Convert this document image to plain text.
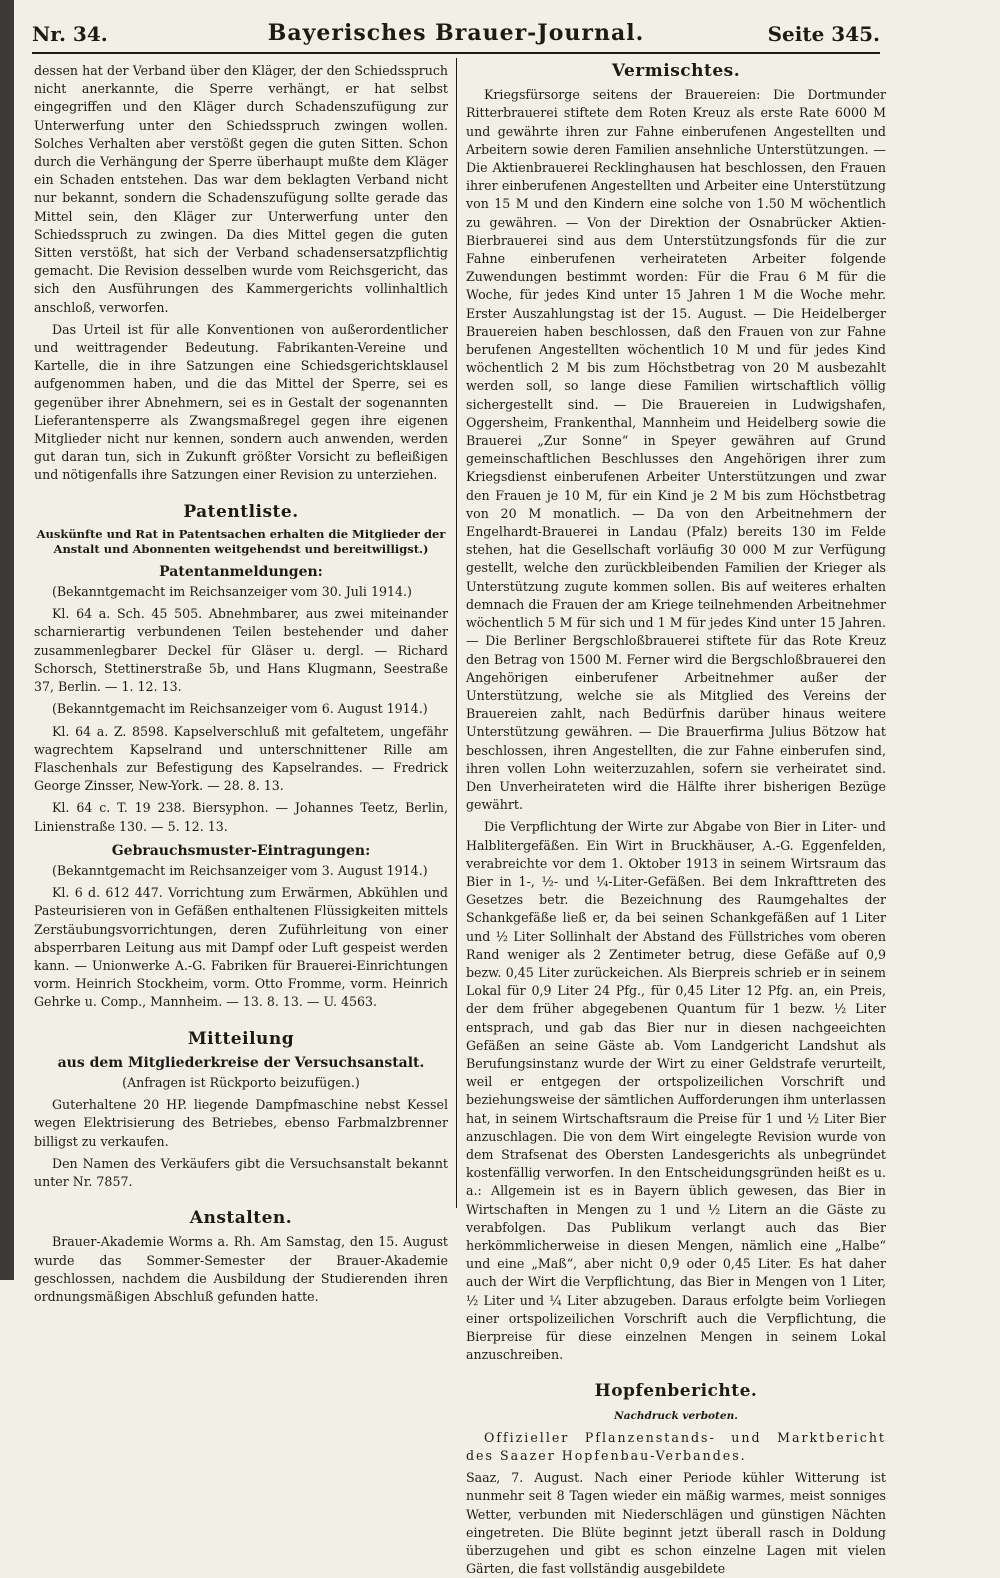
Nr. 34.	Bayerisches Brauer-Journal.	Seite 345.

dessen hat der Verband über den Kläger, der den Schiedsspruch nicht anerkannte, die Sperre verhängt, er hat selbst eingegriffen und den Kläger durch Schadenszufügung zur Unterwerfung unter den Schiedsspruch zwingen wollen. Solches Verhalten aber verstößt gegen die guten Sitten. Schon durch die Verhängung der Sperre überhaupt mußte dem Kläger ein Schaden entstehen. Das war dem beklagten Verband nicht nur bekannt, sondern die Schadenszufügung sollte gerade das Mittel sein, den Kläger zur Unterwerfung unter den Schiedsspruch zu zwingen. Da dies Mittel gegen die guten Sitten verstößt, hat sich der Verband schadensersatzpflichtig gemacht. Die Revision desselben wurde vom Reichsgericht, das sich den Ausführungen des Kammergerichts vollinhaltlich anschloß, verworfen.

Das Urteil ist für alle Konventionen von außerordentlicher und weittragender Bedeutung. Fabrikanten-Vereine und Kartelle, die in ihre Satzungen eine Schiedsgerichtsklausel aufgenommen haben, und die das Mittel der Sperre, sei es gegenüber ihrer Abnehmern, sei es in Gestalt der sogenannten Lieferantensperre als Zwangsmaßregel gegen ihre eigenen Mitglieder nicht nur kennen, sondern auch anwenden, werden gut daran tun, sich in Zukunft größter Vorsicht zu befleißigen und nötigenfalls ihre Satzungen einer Revision zu unterziehen.

Patentliste.
Auskünfte und Rat in Patentsachen erhalten die Mitglieder der Anstalt und Abonnenten weitgehendst und bereitwilligst.)
Patentanmeldungen:

(Bekanntgemacht im Reichsanzeiger vom 30. Juli 1914.)

Kl. 64 a. Sch. 45 505. Abnehmbarer, aus zwei miteinander scharnierartig verbundenen Teilen bestehender und daher zusammenlegbarer Deckel für Gläser u. dergl. — Richard Schorsch, Stettinerstraße 5b, und Hans Klugmann, Seestraße 37, Berlin. — 1. 12. 13.

(Bekanntgemacht im Reichsanzeiger vom 6. August 1914.)

Kl. 64 a. Z. 8598. Kapselverschluß mit gefaltetem, ungefähr wagrechtem Kapselrand und unterschnittener Rille am Flaschenhals zur Befestigung des Kapselrandes. — Fredrick George Zinsser, New-York. — 28. 8. 13.

Kl. 64 c. T. 19 238. Biersyphon. — Johannes Teetz, Berlin, Linienstraße 130. — 5. 12. 13.

Gebrauchsmuster-Eintragungen:

(Bekanntgemacht im Reichsanzeiger vom 3. August 1914.)

Kl. 6 d. 612 447. Vorrichtung zum Erwärmen, Abkühlen und Pasteurisieren von in Gefäßen enthaltenen Flüssigkeiten mittels Zerstäubungsvorrichtungen, deren Zuführleitung von einer absperrbaren Leitung aus mit Dampf oder Luft gespeist werden kann. — Unionwerke A.-G. Fabriken für Brauerei-Einrichtungen vorm. Heinrich Stockheim, vorm. Otto Fromme, vorm. Heinrich Gehrke u. Comp., Mannheim. — 13. 8. 13. — U. 4563.

Mitteilung
aus dem Mitgliederkreise der Versuchsanstalt.

(Anfragen ist Rückporto beizufügen.)

Guterhaltene 20 HP. liegende Dampfmaschine nebst Kessel wegen Elektrisierung des Betriebes, ebenso Farbmalzbrenner billigst zu verkaufen.

Den Namen des Verkäufers gibt die Versuchsanstalt bekannt unter Nr. 7857.

Anstalten.

Brauer-Akademie Worms a. Rh. Am Samstag, den 15. August wurde das Sommer-Semester der Brauer-Akademie geschlossen, nachdem die Ausbildung der Studierenden ihren ordnungsmäßigen Abschluß gefunden hatte.

Vermischtes.

Kriegsfürsorge seitens der Brauereien: Die Dortmunder Ritterbrauerei stiftete dem Roten Kreuz als erste Rate 6000 M und gewährte ihren zur Fahne einberufenen Angestellten und Arbeitern sowie deren Familien ansehnliche Unterstützungen. — Die Aktienbrauerei Recklinghausen hat beschlossen, den Frauen ihrer einberufenen Angestellten und Arbeiter eine Unterstützung von 15 M und den Kindern eine solche von 1.50 M wöchentlich zu gewähren. — Von der Direktion der Osnabrücker Aktien-Bierbrauerei sind aus dem Unterstützungsfonds für die zur Fahne einberufenen verheirateten Arbeiter folgende Zuwendungen bestimmt worden: Für die Frau 6 M für die Woche, für jedes Kind unter 15 Jahren 1 M die Woche mehr. Erster Auszahlungstag ist der 15. August. — Die Heidelberger Brauereien haben beschlossen, daß den Frauen von zur Fahne berufenen Angestellten wöchentlich 10 M und für jedes Kind wöchentlich 2 M bis zum Höchstbetrag von 20 M ausbezahlt werden soll, so lange diese Familien wirtschaftlich völlig sichergestellt sind. — Die Brauereien in Ludwigshafen, Oggersheim, Frankenthal, Mannheim und Heidelberg sowie die Brauerei „Zur Sonne“ in Speyer gewähren auf Grund gemeinschaftlichen Beschlusses den Angehörigen ihrer zum Kriegsdienst einberufenen Arbeiter Unterstützungen und zwar den Frauen je 10 M, für ein Kind je 2 M bis zum Höchstbetrag von 20 M monatlich. — Da von den Arbeitnehmern der Engelhardt-Brauerei in Landau (Pfalz) bereits 130 im Felde stehen, hat die Gesellschaft vorläufig 30 000 M zur Verfügung gestellt, welche den zurückbleibenden Familien der Krieger als Unterstützung zugute kommen sollen. Bis auf weiteres erhalten demnach die Frauen der am Kriege teilnehmenden Arbeitnehmer wöchentlich 5 M für sich und 1 M für jedes Kind unter 15 Jahren. — Die Berliner Bergschloßbrauerei stiftete für das Rote Kreuz den Betrag von 1500 M. Ferner wird die Bergschloßbrauerei den Angehörigen einberufener Arbeitnehmer außer der Unterstützung, welche sie als Mitglied des Vereins der Brauereien zahlt, nach Bedürfnis darüber hinaus weitere Unterstützung gewähren. — Die Brauerfirma Julius Bötzow hat beschlossen, ihren Angestellten, die zur Fahne einberufen sind, ihren vollen Lohn weiterzuzahlen, sofern sie verheiratet sind. Den Unverheirateten wird die Hälfte ihrer bisherigen Bezüge gewährt.

Die Verpflichtung der Wirte zur Abgabe von Bier in Liter- und Halblitergefäßen. Ein Wirt in Bruckhäuser, A.-G. Eggenfelden, verabreichte vor dem 1. Oktober 1913 in seinem Wirtsraum das Bier in 1-, ½- und ¼-Liter-Gefäßen. Bei dem Inkrafttreten des Gesetzes betr. die Bezeichnung des Raumgehaltes der Schankgefäße ließ er, da bei seinen Schankgefäßen auf 1 Liter und ½ Liter Sollinhalt der Abstand des Füllstriches vom oberen Rand weniger als 2 Zentimeter betrug, diese Gefäße auf 0,9 bezw. 0,45 Liter zurückeichen. Als Bierpreis schrieb er in seinem Lokal für 0,9 Liter 24 Pfg., für 0,45 Liter 12 Pfg. an, ein Preis, der dem früher abgegebenen Quantum für 1 bezw. ½ Liter entsprach, und gab das Bier nur in diesen nachgeeichten Gefäßen an seine Gäste ab. Vom Landgericht Landshut als Berufungsinstanz wurde der Wirt zu einer Geldstrafe verurteilt, weil er entgegen der ortspolizeilichen Vorschrift und beziehungsweise der sämtlichen Aufforderungen ihm unterlassen hat, in seinem Wirtschaftsraum die Preise für 1 und ½ Liter Bier anzuschlagen. Die von dem Wirt eingelegte Revision wurde von dem Strafsenat des Obersten Landesgerichts als unbegründet kostenfällig verworfen. In den Entscheidungsgründen heißt es u. a.: Allgemein ist es in Bayern üblich gewesen, das Bier in Wirtschaften in Mengen zu 1 und ½ Litern an die Gäste zu verabfolgen. Das Publikum verlangt auch das Bier herkömmlicherweise in diesen Mengen, nämlich eine „Halbe“ und eine „Maß“, aber nicht 0,9 oder 0,45 Liter. Es hat daher auch der Wirt die Verpflichtung, das Bier in Mengen von 1 Liter, ½ Liter und ¼ Liter abzugeben. Daraus erfolgte beim Vorliegen einer ortspolizeilichen Vorschrift auch die Verpflichtung, die Bierpreise für diese einzelnen Mengen in seinem Lokal anzuschreiben.

Hopfenberichte.
Nachdruck verboten.

Offizieller Pflanzenstands- und Marktbericht des Saazer Hopfenbau-Verbandes.

Saaz, 7. August. Nach einer Periode kühler Witterung ist nunmehr seit 8 Tagen wieder ein mäßig warmes, meist sonniges Wetter, verbunden mit Niederschlägen und günstigen Nächten eingetreten. Die Blüte beginnt jetzt überall rasch in Doldung überzugehen und gibt es schon einzelne Lagen mit vielen Gärten, die fast vollständig ausgebildete
